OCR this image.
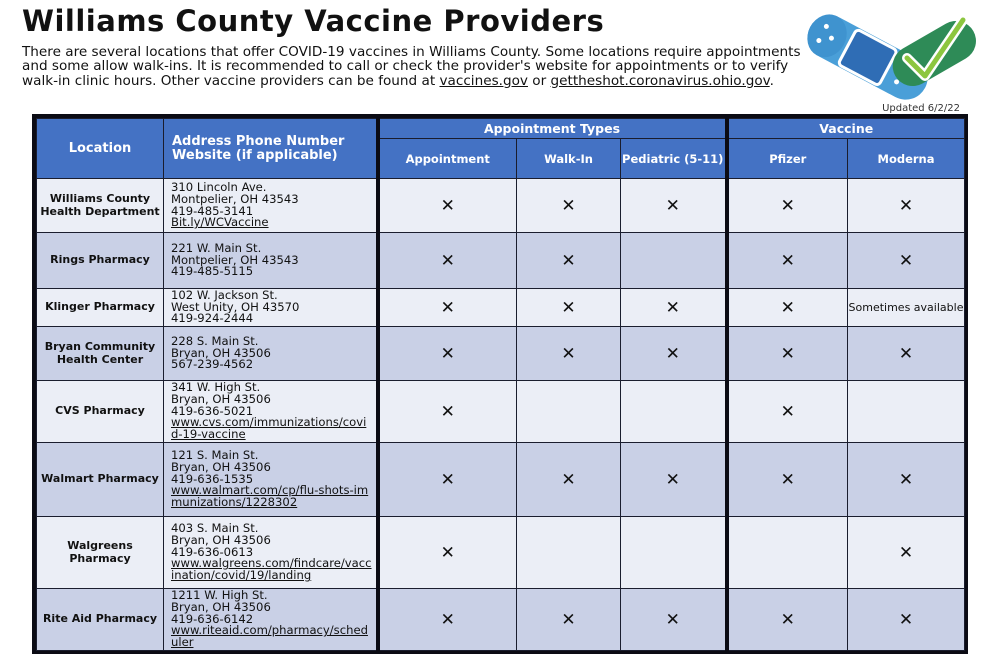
Williams County Vaccine Providers
There are several locations that offer COVID-19 vaccines in Williams County. Some locations require appointments and some allow walk-ins. It is recommended to call or check the provider's website for appointments or to verify walk-in clinic hours. Other vaccine providers can be found at vaccines.gov or gettheshot.coronavirus.ohio.gov.
Updated 6/2/22
Location	Address Phone Number Website (if applicable)	Appointment Types			Vaccine	
		Appointment	Walk-In	Pediatric (5-11)	Pfizer	Moderna
Williams County Health Department	310 Lincoln Ave.
Montpelier, OH 43543
419-485-3141
Bit.ly/WCVaccine	✕	✕	✕	✕	✕
Rings Pharmacy	221 W. Main St.
Montpelier, OH 43543
419-485-5115	✕	✕		✕	✕
Klinger Pharmacy	102 W. Jackson St.
West Unity, OH 43570
419-924-2444	✕	✕	✕	✕	Sometimes available

Bryan Community Health Center	228 S. Main St.
Bryan, OH 43506
567-239-4562	✕	✕	✕	✕	✕
CVS Pharmacy	341 W. High St.
Bryan, OH 43506
419-636-5021
www.cvs.com/immunizations/covid-19-vaccine	✕			✕	
Walmart Pharmacy	121 S. Main St.
Bryan, OH 43506
419-636-1535
www.walmart.com/cp/flu-shots-immunizations/1228302	✕	✕	✕	✕	✕
Walgreens Pharmacy	403 S. Main St.
Bryan, OH 43506
419-636-0613
www.walgreens.com/findcare/vaccination/covid/19/landing	✕				✕
Rite Aid Pharmacy	1211 W. High St.
Bryan, OH 43506
419-636-6142
www.riteaid.com/pharmacy/scheduler	✕	✕	✕	✕	✕
